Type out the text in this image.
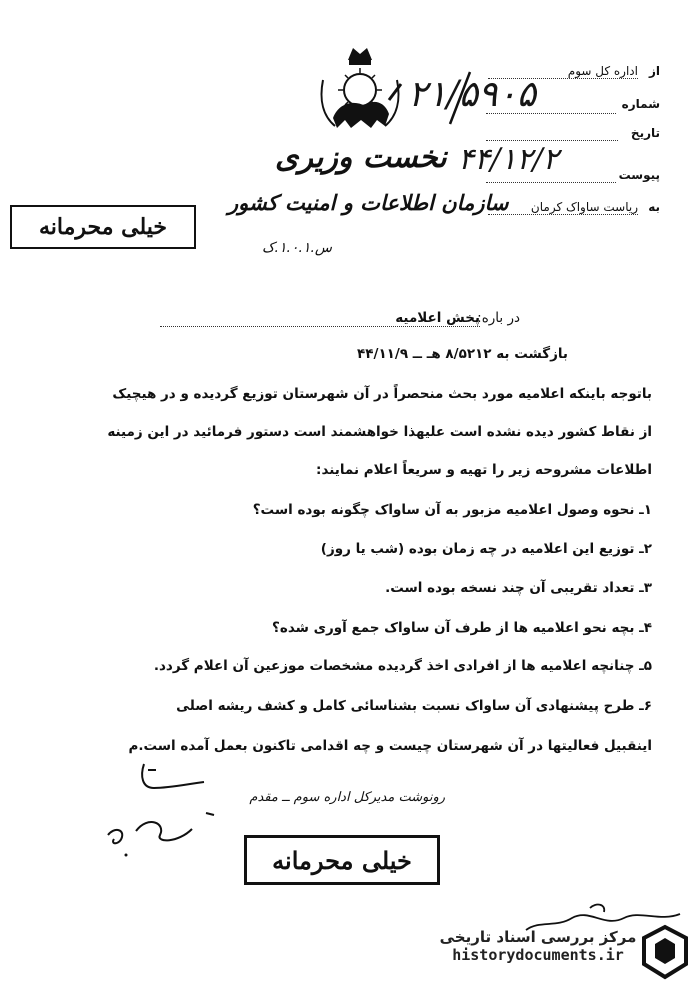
از
اداره کل سوم
شماره
۲۱/۵۹۰۵
تاریخ
پیوست
۴۴/۱۲/۲
به
ریاست ساواک کرمان
نخست وزیری
سازمان اطلاعات و امنیت کشور
س.۱.۰.۱.ک
خیلی محرمانه
در باره:
پخش اعلامیه
بازگشت به ۸/۵۲۱۲ هـ ــ ۴۴/۱۱/۹
باتوجه باینکه اعلامیه مورد بحث منحصراً در آن شهرستان توزیع گردیده و در هیچیک
از نقاط کشور دیده نشده است علیهذا خواهشمند است دستور فرمائید در این زمینه
اطلاعات مشروحه زیر را تهیه و سریعاً اعلام نمایند:
۱ـ نحوه وصول اعلامیه مزبور به آن ساواک چگونه بوده است؟
۲ـ توزیع این اعلامیه در چه زمان بوده (شب یا روز)
۳ـ تعداد تقریبی آن چند نسخه بوده است.
۴ـ بچه نحو اعلامیه ها از طرف آن ساواک جمع آوری شده؟
۵ـ چنانچه اعلامیه ها از افرادی اخذ گردیده مشخصات موزعین آن اعلام گردد.
۶ـ طرح پیشنهادی آن ساواک نسبت بشناسائی کامل و کشف ریشه اصلی
اینقبیل فعالیتها در آن شهرستان چیست و چه اقدامی تاکنون بعمل آمده است.م
رونوشت مدیرکل اداره سوم ــ مقدم
خیلی محرمانه
مرکز بررسی اسناد تاریخی
historydocuments.ir
